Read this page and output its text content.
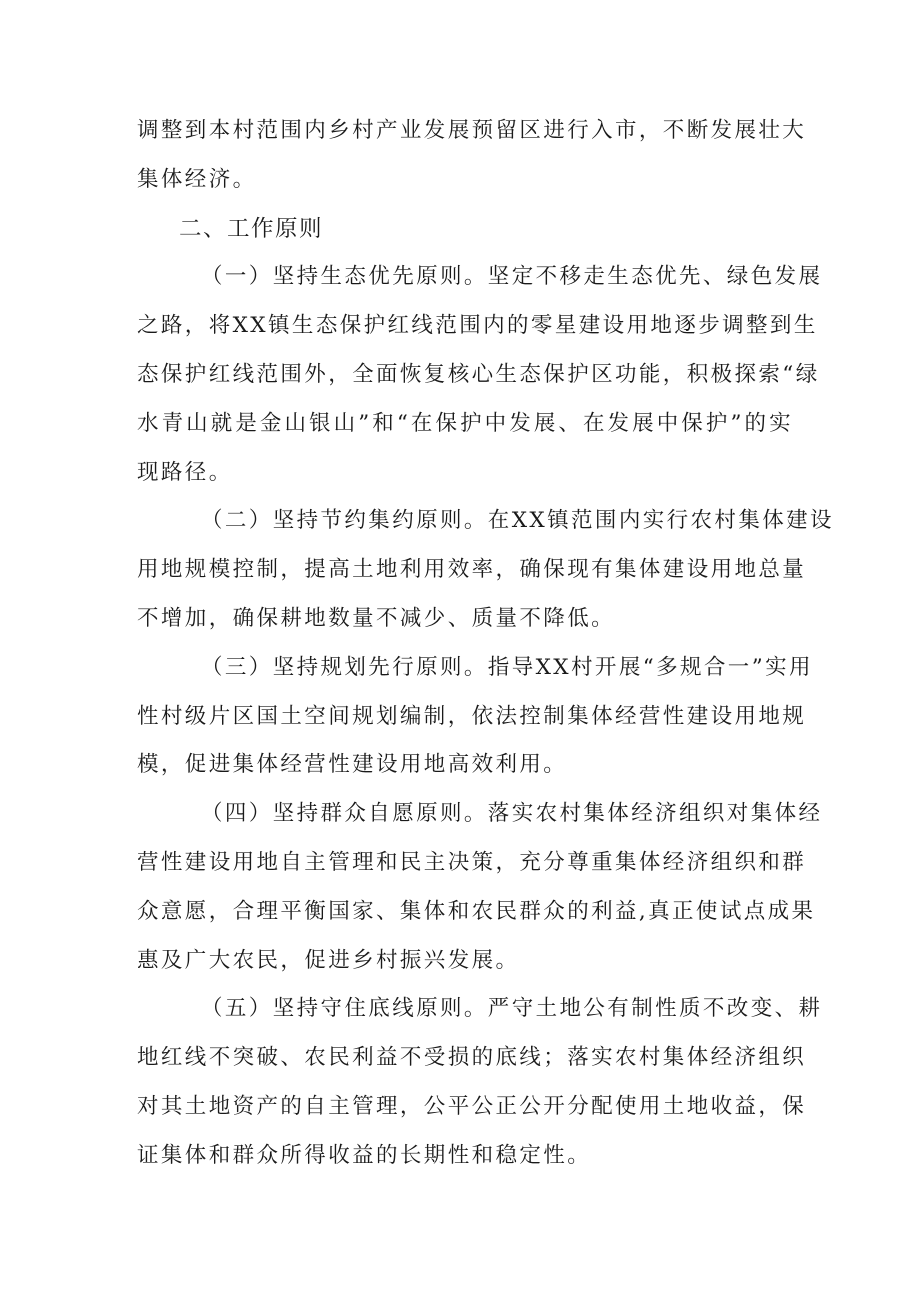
调整到本村范围内乡村产业发展预留区进行入市，不断发展壮大
集体经济。
二、工作原则
（一）坚持生态优先原则。坚定不移走生态优先、绿色发展
之路，将XX镇生态保护红线范围内的零星建设用地逐步调整到生
态保护红线范围外，全面恢复核心生态保护区功能，积极探索“绿
水青山就是金山银山”和“在保护中发展、在发展中保护”的实
现路径。
（二）坚持节约集约原则。在XX镇范围内实行农村集体建设
用地规模控制，提高土地利用效率，确保现有集体建设用地总量
不增加，确保耕地数量不减少、质量不降低。
（三）坚持规划先行原则。指导XX村开展“多规合一”实用
性村级片区国土空间规划编制，依法控制集体经营性建设用地规
模，促进集体经营性建设用地高效利用。
（四）坚持群众自愿原则。落实农村集体经济组织对集体经
营性建设用地自主管理和民主决策，充分尊重集体经济组织和群
众意愿，合理平衡国家、集体和农民群众的利益,真正使试点成果
惠及广大农民，促进乡村振兴发展。
（五）坚持守住底线原则。严守土地公有制性质不改变、耕
地红线不突破、农民利益不受损的底线；落实农村集体经济组织
对其土地资产的自主管理，公平公正公开分配使用土地收益，保
证集体和群众所得收益的长期性和稳定性。
